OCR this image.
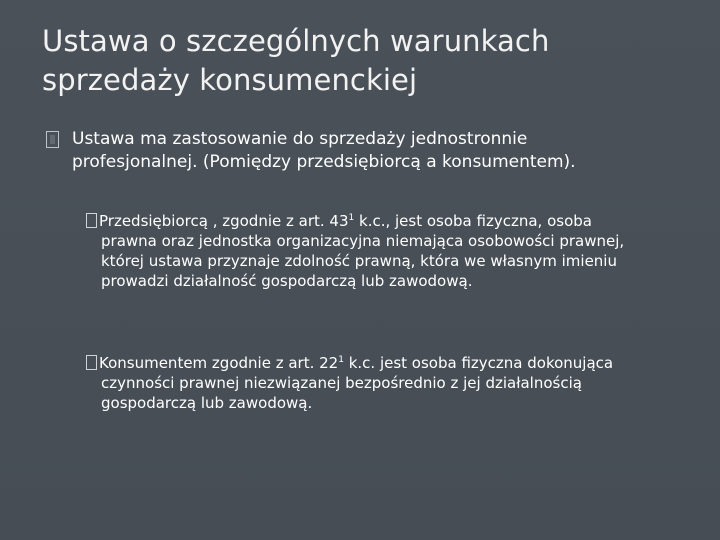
Ustawa o szczególnych warunkach sprzedaży konsumenckiej
Ustawa ma zastosowanie do sprzedaży jednostronnie profesjonalnej. (Pomiędzy przedsiębiorcą a konsumentem).
Przedsiębiorcą , zgodnie z art. $43^1$ k.c., jest osoba fizyczna, osoba prawna oraz jednostka organizacyjna niemająca osobowości prawnej, której ustawa przyznaje zdolność prawną, która we własnym imieniu prowadzi działalność gospodarczą lub zawodową.
Konsumentem zgodnie z art. $22^1$ k.c. jest osoba fizyczna dokonująca czynności prawnej niezwiązanej bezpośrednio z jej działalnością gospodarczą lub zawodową.
